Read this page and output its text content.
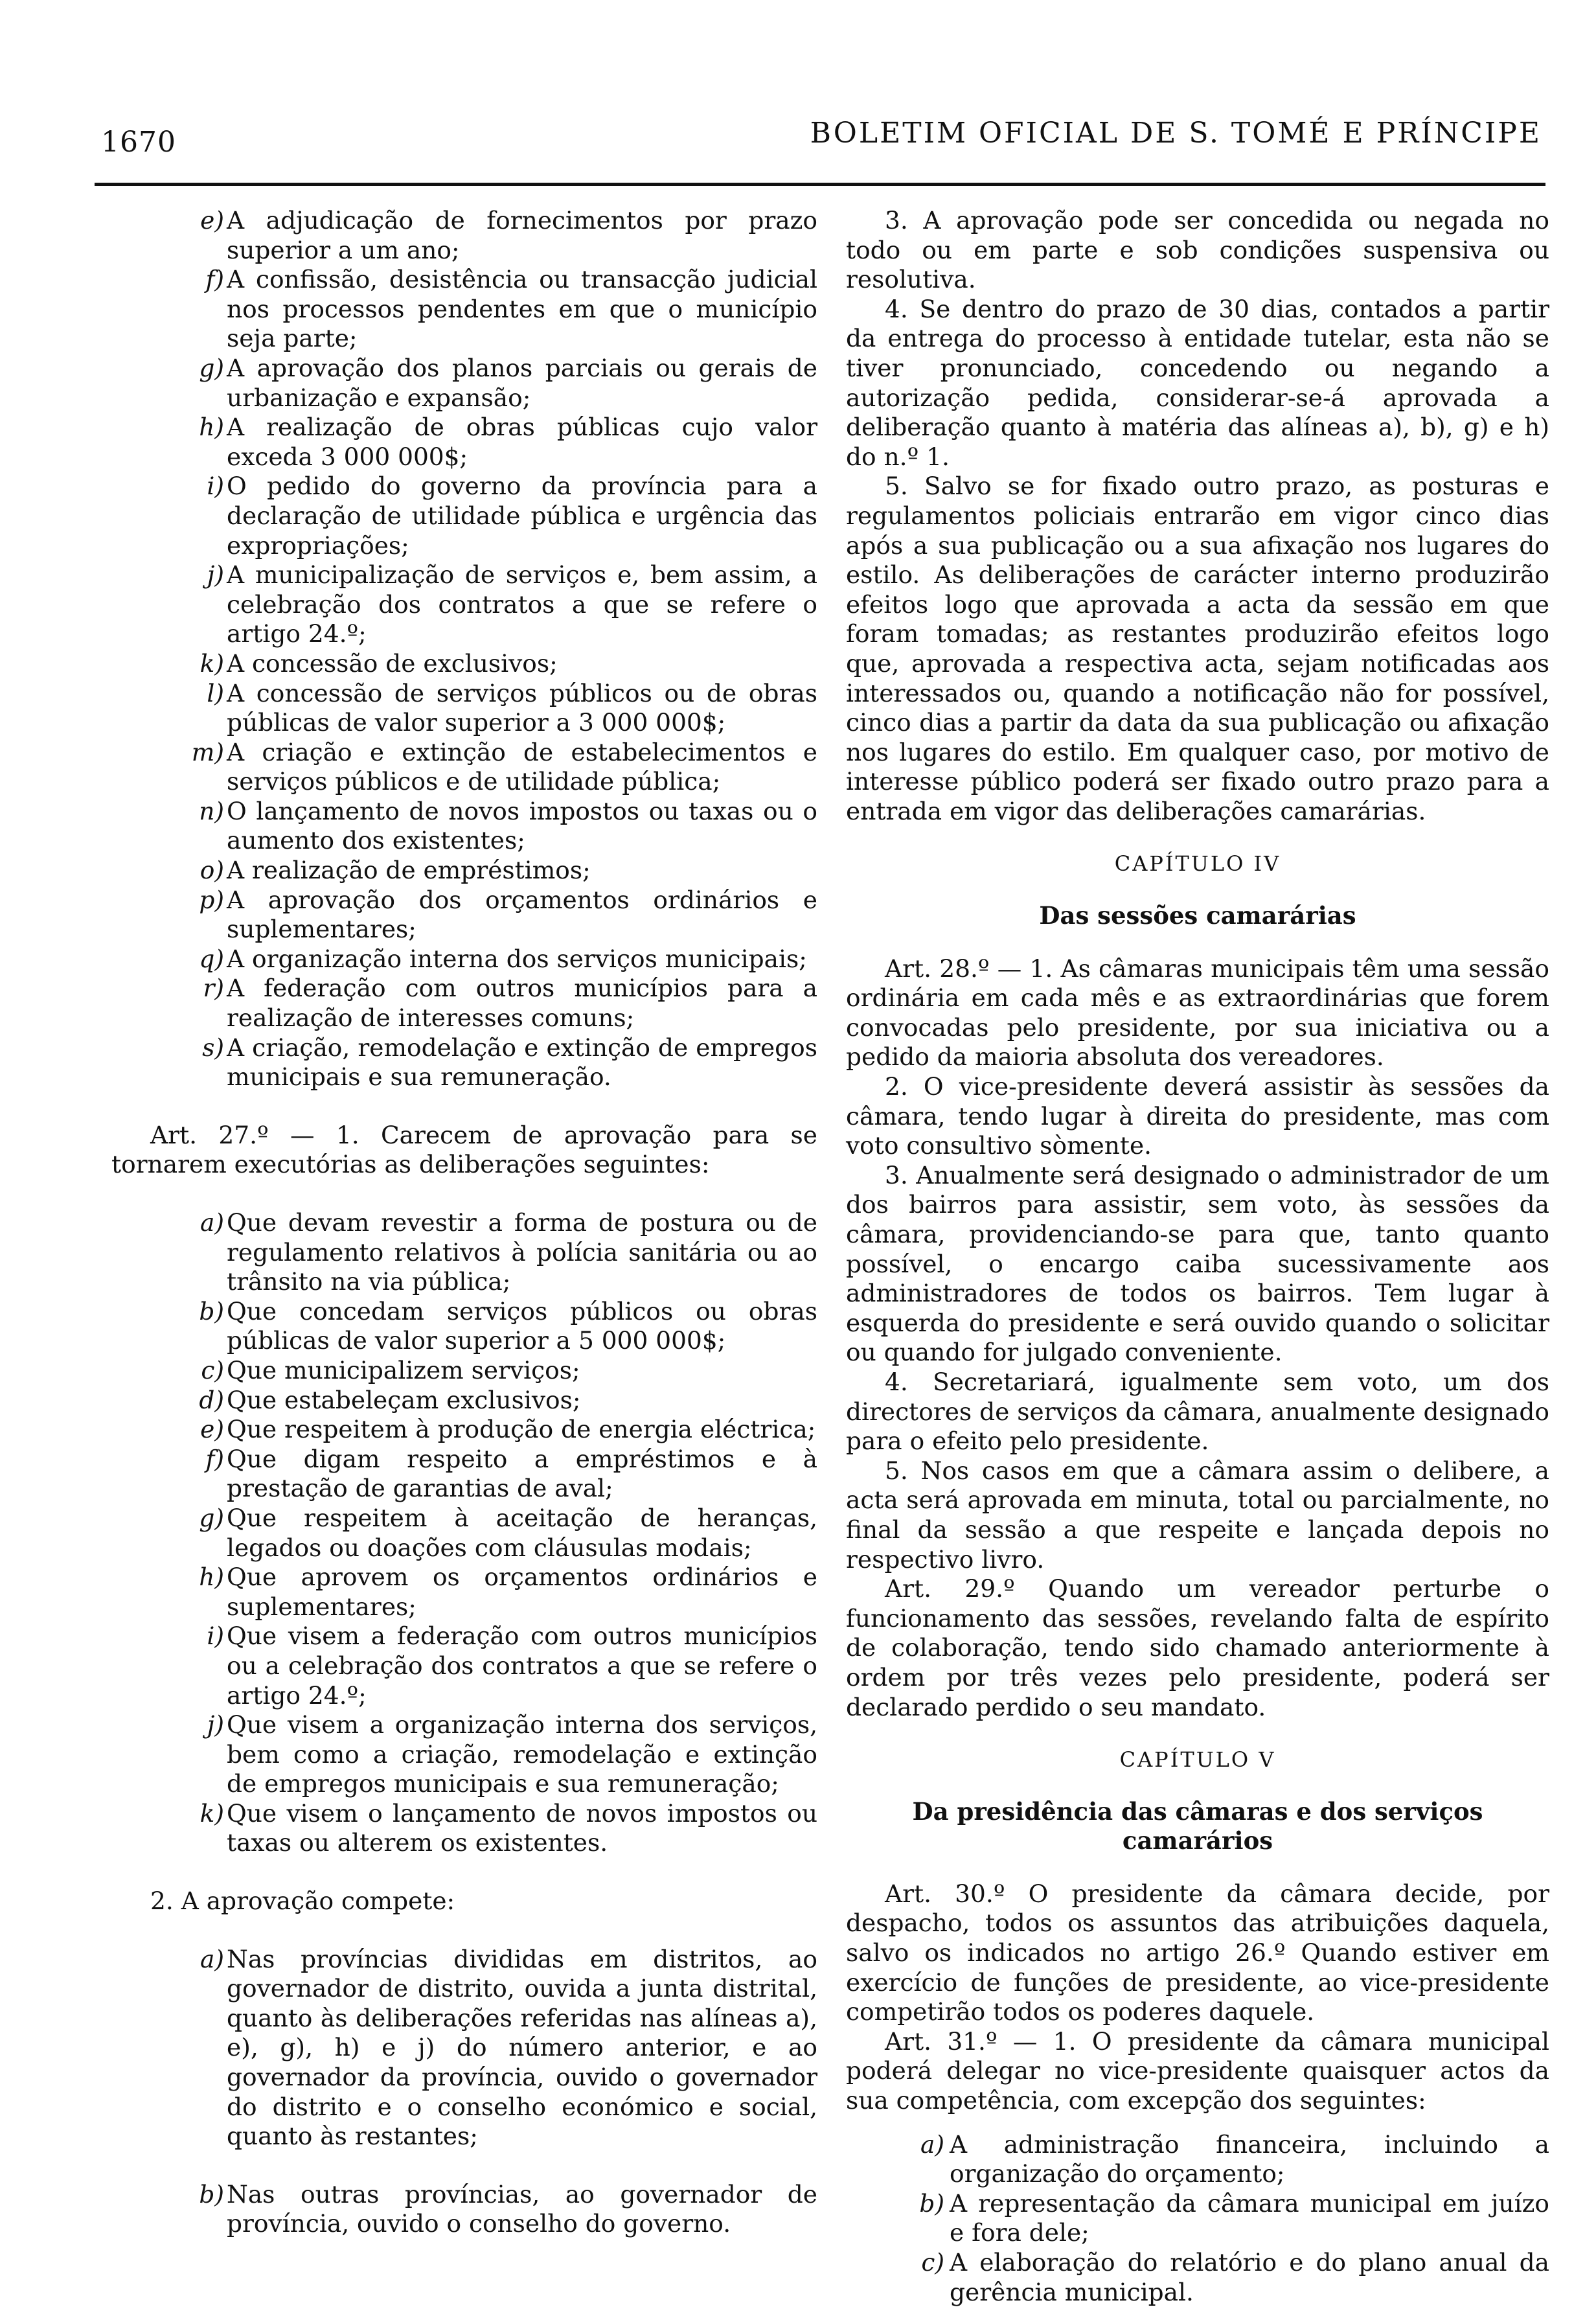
1670	BOLETIM OFICIAL DE S. TOMÉ E PRÍNCIPE
e) A adjudicação de fornecimentos por prazo superior a um ano;
f) A confissão, desistência ou transacção judicial nos processos pendentes em que o município seja parte;
g) A aprovação dos planos parciais ou gerais de urbanização e expansão;
h) A realização de obras públicas cujo valor exceda 3 000 000$;
i) O pedido do governo da província para a declaração de utilidade pública e urgência das expropriações;
j) A municipalização de serviços e, bem assim, a celebração dos contratos a que se refere o artigo 24.º;
k) A concessão de exclusivos;
l) A concessão de serviços públicos ou de obras públicas de valor superior a 3 000 000$;
m) A criação e extinção de estabelecimentos e serviços públicos e de utilidade pública;
n) O lançamento de novos impostos ou taxas ou o aumento dos existentes;
o) A realização de empréstimos;
p) A aprovação dos orçamentos ordinários e suplementares;
q) A organização interna dos serviços municipais;
r) A federação com outros municípios para a realização de interesses comuns;
s) A criação, remodelação e extinção de empregos municipais e sua remuneração.
Art. 27.º — 1. Carecem de aprovação para se tornarem executórias as deliberações seguintes:
a) Que devam revestir a forma de postura ou de regulamento relativos à polícia sanitária ou ao trânsito na via pública;
b) Que concedam serviços públicos ou obras públicas de valor superior a 5 000 000$;
c) Que municipalizem serviços;
d) Que estabeleçam exclusivos;
e) Que respeitem à produção de energia eléctrica;
f) Que digam respeito a empréstimos e à prestação de garantias de aval;
g) Que respeitem à aceitação de heranças, legados ou doações com cláusulas modais;
h) Que aprovem os orçamentos ordinários e suplementares;
i) Que visem a federação com outros municípios ou a celebração dos contratos a que se refere o artigo 24.º;
j) Que visem a organização interna dos serviços, bem como a criação, remodelação e extinção de empregos municipais e sua remuneração;
k) Que visem o lançamento de novos impostos ou taxas ou alterem os existentes.
2. A aprovação compete:
a) Nas províncias divididas em distritos, ao governador de distrito, ouvida a junta distrital, quanto às deliberações referidas nas alíneas a), e), g), h) e j) do número anterior, e ao governador da província, ouvido o governador do distrito e o conselho económico e social, quanto às restantes;
b) Nas outras províncias, ao governador de província, ouvido o conselho do governo.
3. A aprovação pode ser concedida ou negada no todo ou em parte e sob condições suspensiva ou resolutiva.
4. Se dentro do prazo de 30 dias, contados a partir da entrega do processo à entidade tutelar, esta não se tiver pronunciado, concedendo ou negando a autorização pedida, considerar-se-á aprovada a deliberação quanto à matéria das alíneas a), b), g) e h) do n.º 1.
5. Salvo se for fixado outro prazo, as posturas e regulamentos policiais entrarão em vigor cinco dias após a sua publicação ou a sua afixação nos lugares do estilo. As deliberações de carácter interno produzirão efeitos logo que aprovada a acta da sessão em que foram tomadas; as restantes produzirão efeitos logo que, aprovada a respectiva acta, sejam notificadas aos interessados ou, quando a notificação não for possível, cinco dias a partir da data da sua publicação ou afixação nos lugares do estilo. Em qualquer caso, por motivo de interesse público poderá ser fixado outro prazo para a entrada em vigor das deliberações camarárias.
CAPÍTULO IV
Das sessões camarárias
Art. 28.º — 1. As câmaras municipais têm uma sessão ordinária em cada mês e as extraordinárias que forem convocadas pelo presidente, por sua iniciativa ou a pedido da maioria absoluta dos vereadores.
2. O vice-presidente deverá assistir às sessões da câmara, tendo lugar à direita do presidente, mas com voto consultivo sòmente.
3. Anualmente será designado o administrador de um dos bairros para assistir, sem voto, às sessões da câmara, providenciando-se para que, tanto quanto possível, o encargo caiba sucessivamente aos administradores de todos os bairros. Tem lugar à esquerda do presidente e será ouvido quando o solicitar ou quando for julgado conveniente.
4. Secretariará, igualmente sem voto, um dos directores de serviços da câmara, anualmente designado para o efeito pelo presidente.
5. Nos casos em que a câmara assim o delibere, a acta será aprovada em minuta, total ou parcialmente, no final da sessão a que respeite e lançada depois no respectivo livro.
Art. 29.º Quando um vereador perturbe o funcionamento das sessões, revelando falta de espírito de colaboração, tendo sido chamado anteriormente à ordem por três vezes pelo presidente, poderá ser declarado perdido o seu mandato.
CAPÍTULO V
Da presidência das câmaras e dos serviços camarários
Art. 30.º O presidente da câmara decide, por despacho, todos os assuntos das atribuições daquela, salvo os indicados no artigo 26.º Quando estiver em exercício de funções de presidente, ao vice-presidente competirão todos os poderes daquele.
Art. 31.º — 1. O presidente da câmara municipal poderá delegar no vice-presidente quaisquer actos da sua competência, com excepção dos seguintes:
a) A administração financeira, incluindo a organização do orçamento;
b) A representação da câmara municipal em juízo e fora dele;
c) A elaboração do relatório e do plano anual da gerência municipal.
